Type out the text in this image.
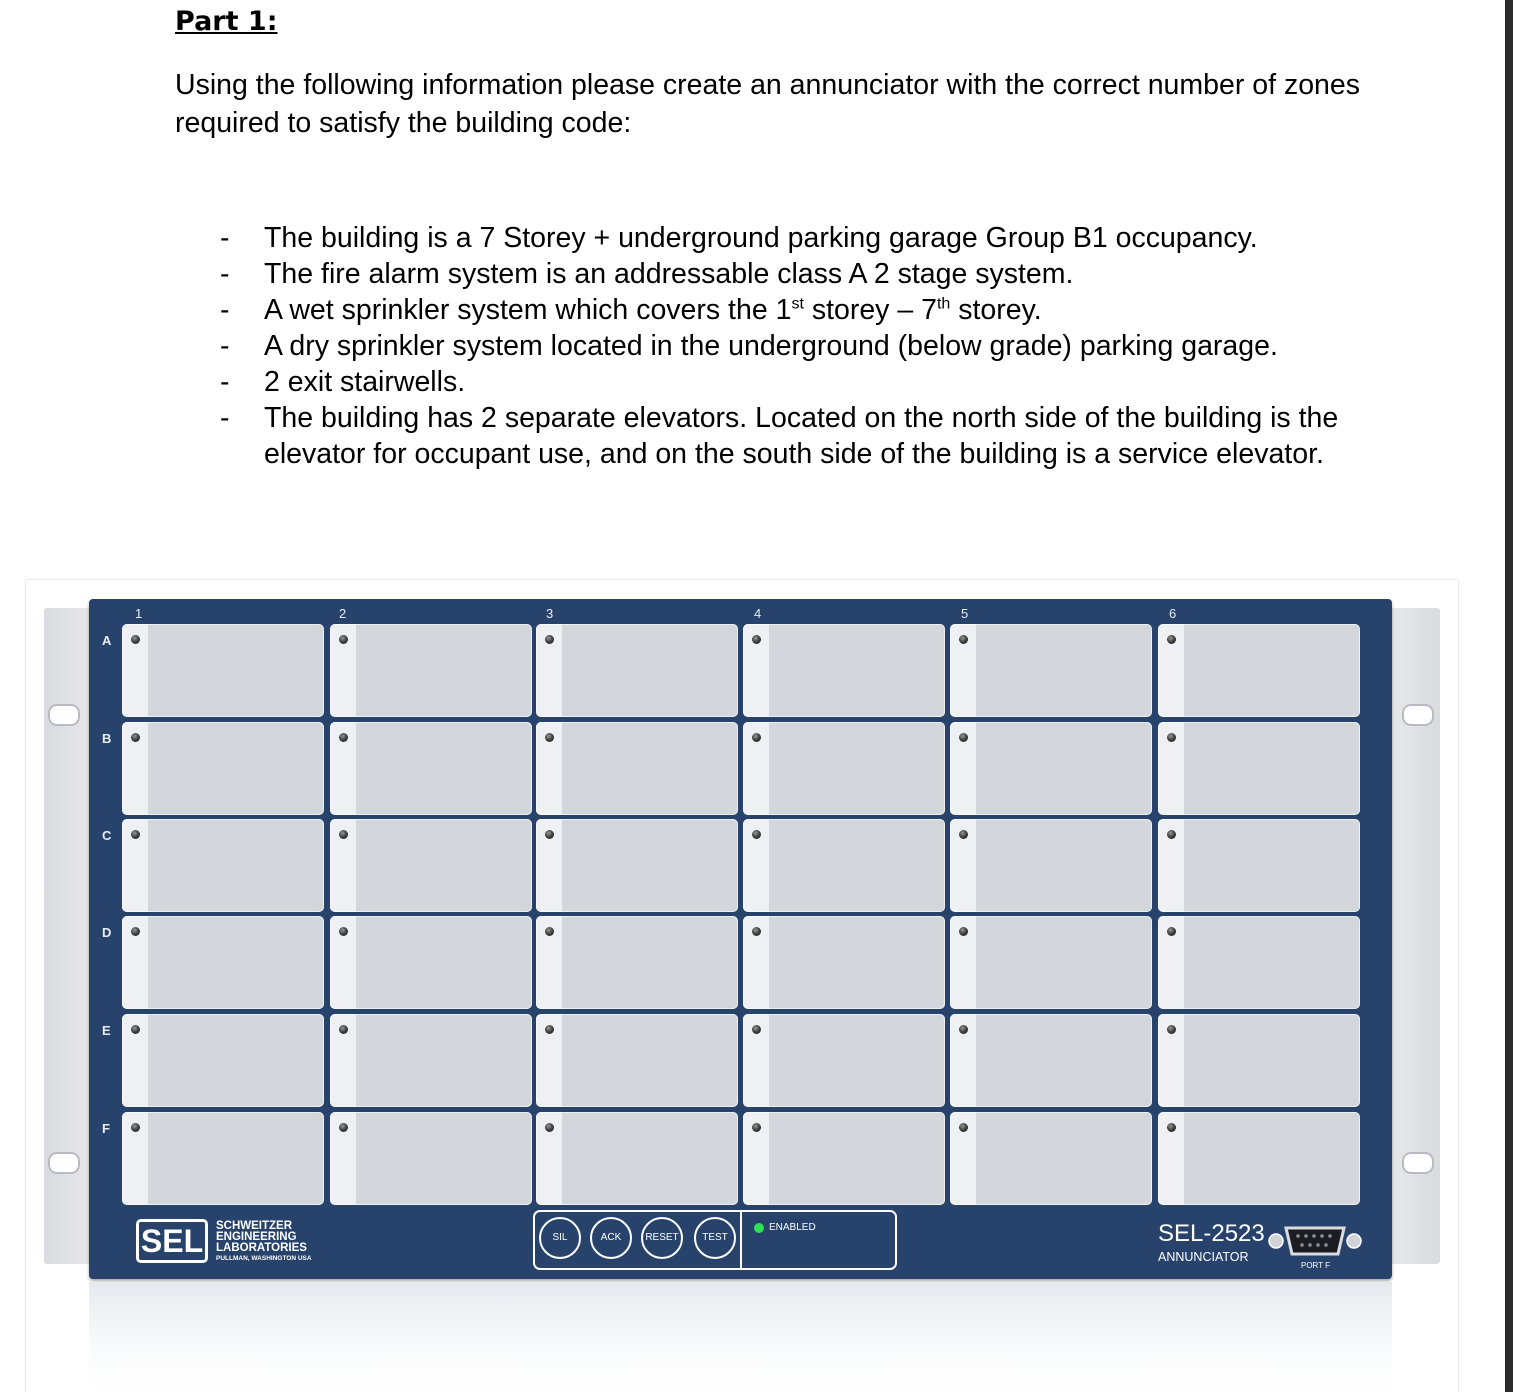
Part 1:
Using the following information please create an annunciator with the correct number of zones required to satisfy the building code:
- The building is a 7 Storey + underground parking garage Group B1 occupancy.
- The fire alarm system is an addressable class A 2 stage system.
- A wet sprinkler system which covers the 1st storey – 7th storey.
- A dry sprinkler system located in the underground (below grade) parking garage.
- 2 exit stairwells.
- The building has 2 separate elevators. Located on the north side of the building is the elevator for occupant use, and on the south side of the building is a service elevator.
1	2	3	4	5	6
A
B
C
D
E
F
SEL	SCHWEITZER
ENGINEERING
LABORATORIES
PULLMAN, WASHINGTON USA
SIL	ACK	RESET	TEST
ENABLED	SEL-2523
ANNUNCIATOR
PORT F
